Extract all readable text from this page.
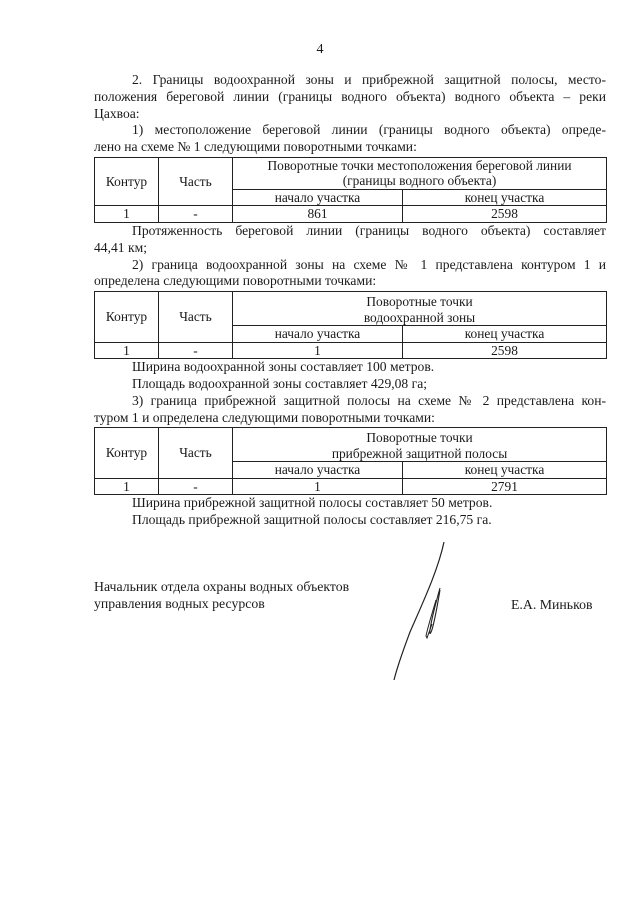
4

2. Границы водоохранной зоны и прибрежной защитной полосы, место-

положения береговой линии (границы водного объекта) водного объекта – реки

Цахвоа:

1) местоположение береговой линии (границы водного объекта) опреде-

лено на схеме № 1 следующими поворотными точками:

Контур	Часть	Поворотные точки местоположения береговой линии
(границы водного объекта)	

		начало участка	конец участка
1	-	861	2598

Протяженность береговой линии (границы водного объекта) составляет

44,41 км;

2) граница водоохранной зоны на схеме № 1 представлена контуром 1 и

определена следующими поворотными точками:

Контур	Часть	Поворотные точки
водоохранной зоны	

		начало участка	конец участка
1	-	1	2598

Ширина водоохранной зоны составляет 100 метров.

Площадь водоохранной зоны составляет 429,08 га;

3) граница прибрежной защитной полосы на схеме № 2 представлена кон-

туром 1 и определена следующими поворотными точками:

Контур	Часть	Поворотные точки
прибрежной защитной полосы	

		начало участка	конец участка
1	-	1	2791

Ширина прибрежной защитной полосы составляет 50 метров.

Площадь прибрежной защитной полосы составляет 216,75 га.

Начальник отдела охраны водных объектов
управления водных ресурсов	Е.А. Миньков
